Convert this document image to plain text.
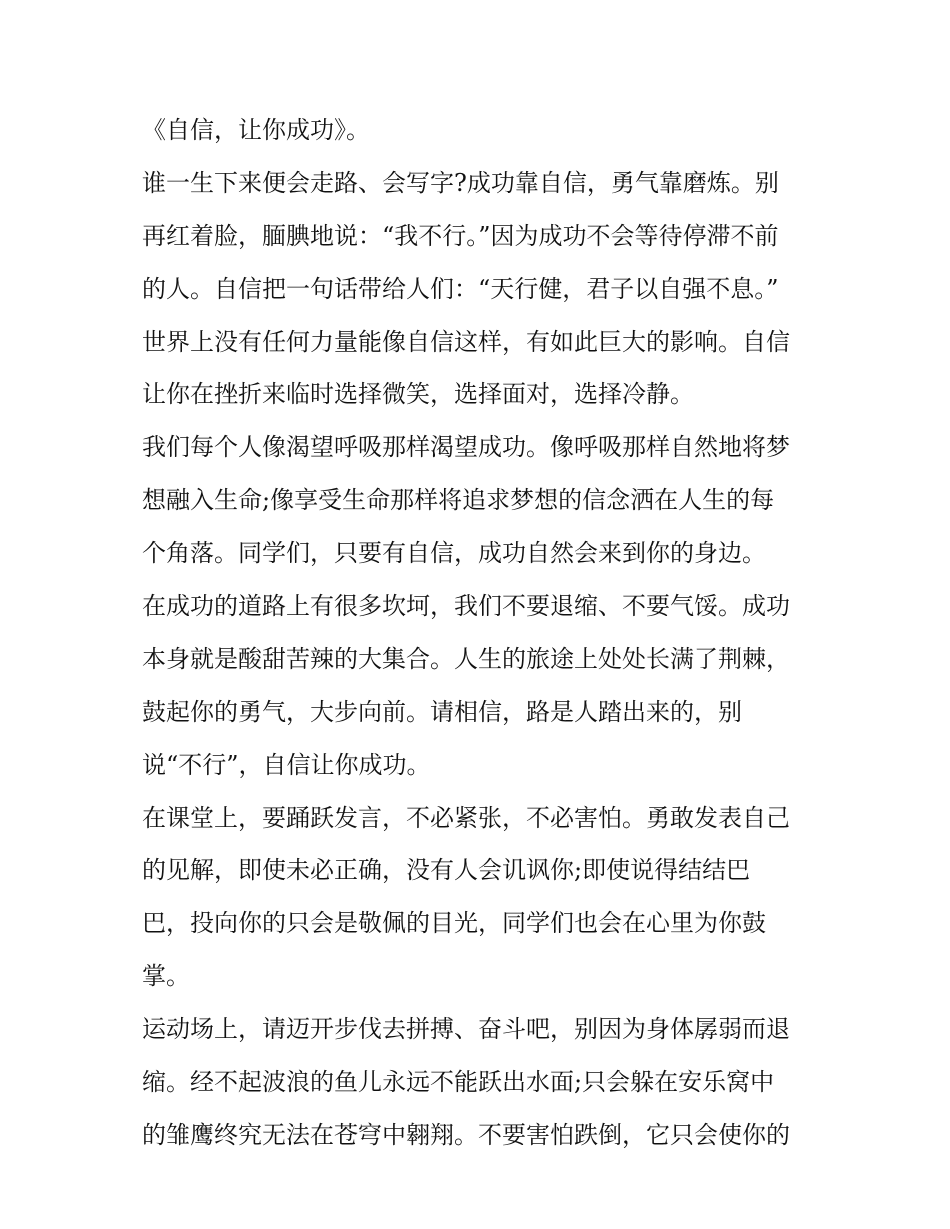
《自信，让你成功》。
谁一生下来便会走路、会写字?成功靠自信，勇气靠磨炼。别
再红着脸，腼腆地说：“我不行。”因为成功不会等待停滞不前
的人。自信把一句话带给人们：“天行健，君子以自强不息。”
世界上没有任何力量能像自信这样，有如此巨大的影响。自信
让你在挫折来临时选择微笑，选择面对，选择冷静。
我们每个人像渴望呼吸那样渴望成功。像呼吸那样自然地将梦
想融入生命;像享受生命那样将追求梦想的信念洒在人生的每
个角落。同学们，只要有自信，成功自然会来到你的身边。
在成功的道路上有很多坎坷，我们不要退缩、不要气馁。成功
本身就是酸甜苦辣的大集合。人生的旅途上处处长满了荆棘，
鼓起你的勇气，大步向前。请相信，路是人踏出来的，别
说“不行”，自信让你成功。
在课堂上，要踊跃发言，不必紧张，不必害怕。勇敢发表自己
的见解，即使未必正确，没有人会讥讽你;即使说得结结巴
巴，投向你的只会是敬佩的目光，同学们也会在心里为你鼓
掌。
运动场上，请迈开步伐去拼搏、奋斗吧，别因为身体孱弱而退
缩。经不起波浪的鱼儿永远不能跃出水面;只会躲在安乐窝中
的雏鹰终究无法在苍穹中翱翔。不要害怕跌倒，它只会使你的
